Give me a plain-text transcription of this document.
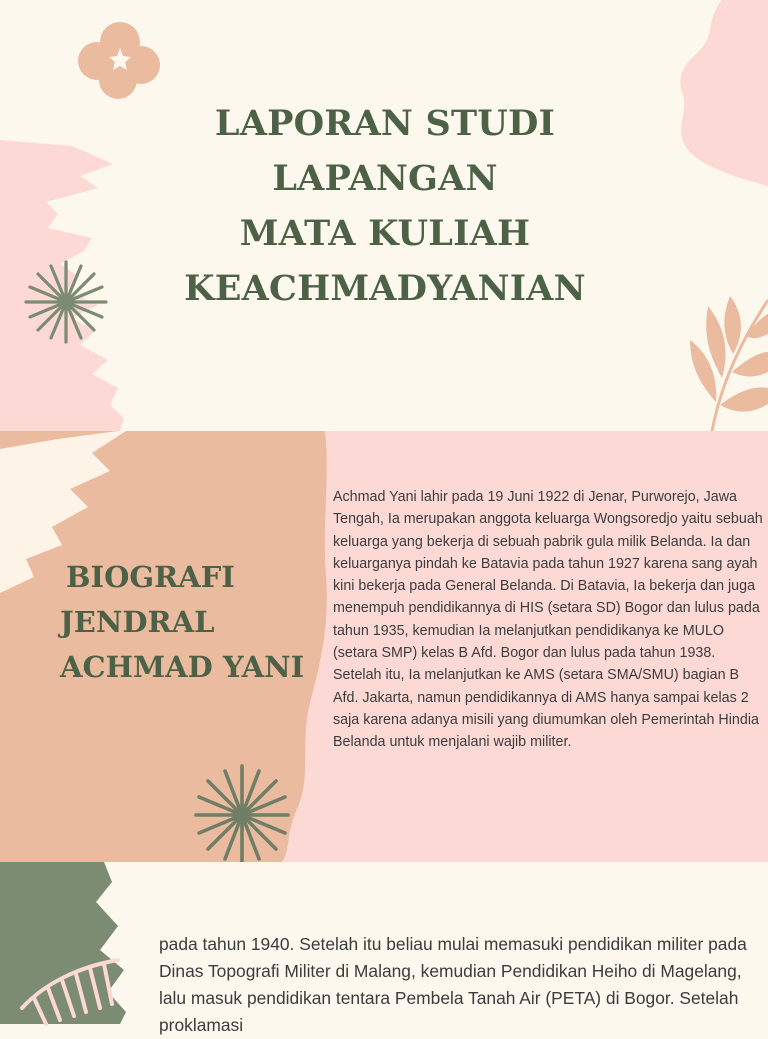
LAPORAN STUDI
LAPANGAN
MATA KULIAH
KEACHMADYANIAN
BIOGRAFI
JENDRAL
ACHMAD YANI

Achmad Yani lahir pada 19 Juni 1922 di Jenar, Purworejo, Jawa Tengah, Ia merupakan anggota keluarga Wongsoredjo yaitu sebuah keluarga yang bekerja di sebuah pabrik gula milik Belanda. Ia dan keluarganya pindah ke Batavia pada tahun 1927 karena sang ayah kini bekerja pada General Belanda. Di Batavia, Ia bekerja dan juga menempuh pendidikannya di HIS (setara SD) Bogor dan lulus pada tahun 1935, kemudian Ia melanjutkan pendidikanya ke MULO (setara SMP) kelas B Afd. Bogor dan lulus pada tahun 1938. Setelah itu, Ia melanjutkan ke AMS (setara SMA/SMU) bagian B Afd. Jakarta, namun pendidikannya di AMS hanya sampai kelas 2 saja karena adanya misili yang diumumkan oleh Pemerintah Hindia Belanda untuk menjalani wajib militer.

pada tahun 1940. Setelah itu beliau mulai memasuki pendidikan militer pada Dinas Topografi Militer di Malang, kemudian Pendidikan Heiho di Magelang, lalu masuk pendidikan tentara Pembela Tanah Air (PETA) di Bogor. Setelah proklamasi
